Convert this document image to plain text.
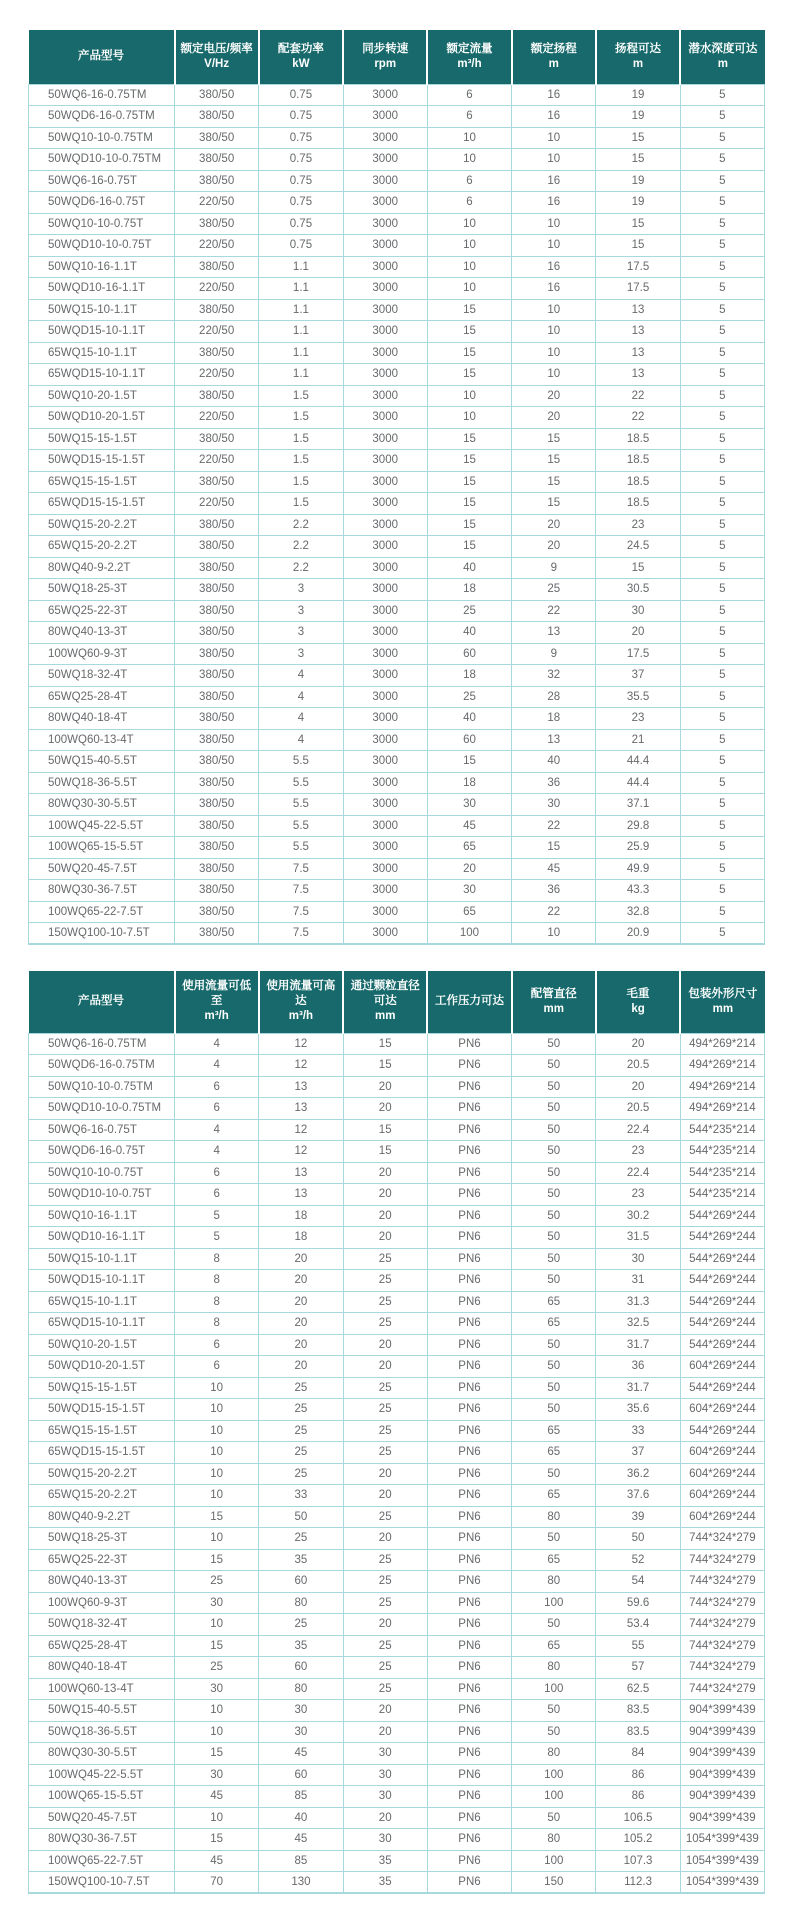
产品型号

额定电压/频率
V/Hz

配套功率
kW

同步转速
rpm

额定流量
m³/h

额定扬程
m

扬程可达
m

潜水深度可达
m

50WQ6-16-0.75TM	380/50	0.75	3000	6	16	19	5
50WQD6-16-0.75TM	380/50	0.75	3000	6	16	19	5
50WQ10-10-0.75TM	380/50	0.75	3000	10	10	15	5
50WQD10-10-0.75TM	380/50	0.75	3000	10	10	15	5
50WQ6-16-0.75T	380/50	0.75	3000	6	16	19	5
50WQD6-16-0.75T	220/50	0.75	3000	6	16	19	5
50WQ10-10-0.75T	380/50	0.75	3000	10	10	15	5
50WQD10-10-0.75T	220/50	0.75	3000	10	10	15	5
50WQ10-16-1.1T	380/50	1.1	3000	10	16	17.5	5
50WQD10-16-1.1T	220/50	1.1	3000	10	16	17.5	5
50WQ15-10-1.1T	380/50	1.1	3000	15	10	13	5
50WQD15-10-1.1T	220/50	1.1	3000	15	10	13	5
65WQ15-10-1.1T	380/50	1.1	3000	15	10	13	5
65WQD15-10-1.1T	220/50	1.1	3000	15	10	13	5
50WQ10-20-1.5T	380/50	1.5	3000	10	20	22	5
50WQD10-20-1.5T	220/50	1.5	3000	10	20	22	5
50WQ15-15-1.5T	380/50	1.5	3000	15	15	18.5	5
50WQD15-15-1.5T	220/50	1.5	3000	15	15	18.5	5
65WQ15-15-1.5T	380/50	1.5	3000	15	15	18.5	5
65WQD15-15-1.5T	220/50	1.5	3000	15	15	18.5	5
50WQ15-20-2.2T	380/50	2.2	3000	15	20	23	5
65WQ15-20-2.2T	380/50	2.2	3000	15	20	24.5	5
80WQ40-9-2.2T	380/50	2.2	3000	40	9	15	5
50WQ18-25-3T	380/50	3	3000	18	25	30.5	5
65WQ25-22-3T	380/50	3	3000	25	22	30	5
80WQ40-13-3T	380/50	3	3000	40	13	20	5
100WQ60-9-3T	380/50	3	3000	60	9	17.5	5
50WQ18-32-4T	380/50	4	3000	18	32	37	5
65WQ25-28-4T	380/50	4	3000	25	28	35.5	5
80WQ40-18-4T	380/50	4	3000	40	18	23	5
100WQ60-13-4T	380/50	4	3000	60	13	21	5
50WQ15-40-5.5T	380/50	5.5	3000	15	40	44.4	5
50WQ18-36-5.5T	380/50	5.5	3000	18	36	44.4	5
80WQ30-30-5.5T	380/50	5.5	3000	30	30	37.1	5
100WQ45-22-5.5T	380/50	5.5	3000	45	22	29.8	5
100WQ65-15-5.5T	380/50	5.5	3000	65	15	25.9	5
50WQ20-45-7.5T	380/50	7.5	3000	20	45	49.9	5
80WQ30-36-7.5T	380/50	7.5	3000	30	36	43.3	5
100WQ65-22-7.5T	380/50	7.5	3000	65	22	32.8	5
150WQ100-10-7.5T	380/50	7.5	3000	100	10	20.9	5
产品型号

使用流量可低至
m³/h

使用流量可高达
m³/h

通过颗粒直径可达
mm

工作压力可达

配管直径
mm

毛重
kg

包装外形尺寸
mm

50WQ6-16-0.75TM	4	12	15	PN6	50	20	494*269*214
50WQD6-16-0.75TM	4	12	15	PN6	50	20.5	494*269*214
50WQ10-10-0.75TM	6	13	20	PN6	50	20	494*269*214
50WQD10-10-0.75TM	6	13	20	PN6	50	20.5	494*269*214
50WQ6-16-0.75T	4	12	15	PN6	50	22.4	544*235*214
50WQD6-16-0.75T	4	12	15	PN6	50	23	544*235*214
50WQ10-10-0.75T	6	13	20	PN6	50	22.4	544*235*214
50WQD10-10-0.75T	6	13	20	PN6	50	23	544*235*214
50WQ10-16-1.1T	5	18	20	PN6	50	30.2	544*269*244
50WQD10-16-1.1T	5	18	20	PN6	50	31.5	544*269*244
50WQ15-10-1.1T	8	20	25	PN6	50	30	544*269*244
50WQD15-10-1.1T	8	20	25	PN6	50	31	544*269*244
65WQ15-10-1.1T	8	20	25	PN6	65	31.3	544*269*244
65WQD15-10-1.1T	8	20	25	PN6	65	32.5	544*269*244
50WQ10-20-1.5T	6	20	20	PN6	50	31.7	544*269*244
50WQD10-20-1.5T	6	20	20	PN6	50	36	604*269*244
50WQ15-15-1.5T	10	25	25	PN6	50	31.7	544*269*244
50WQD15-15-1.5T	10	25	25	PN6	50	35.6	604*269*244
65WQ15-15-1.5T	10	25	25	PN6	65	33	544*269*244
65WQD15-15-1.5T	10	25	25	PN6	65	37	604*269*244
50WQ15-20-2.2T	10	25	20	PN6	50	36.2	604*269*244
65WQ15-20-2.2T	10	33	20	PN6	65	37.6	604*269*244
80WQ40-9-2.2T	15	50	25	PN6	80	39	604*269*244
50WQ18-25-3T	10	25	20	PN6	50	50	744*324*279
65WQ25-22-3T	15	35	25	PN6	65	52	744*324*279
80WQ40-13-3T	25	60	25	PN6	80	54	744*324*279
100WQ60-9-3T	30	80	25	PN6	100	59.6	744*324*279
50WQ18-32-4T	10	25	20	PN6	50	53.4	744*324*279
65WQ25-28-4T	15	35	25	PN6	65	55	744*324*279
80WQ40-18-4T	25	60	25	PN6	80	57	744*324*279
100WQ60-13-4T	30	80	25	PN6	100	62.5	744*324*279
50WQ15-40-5.5T	10	30	20	PN6	50	83.5	904*399*439
50WQ18-36-5.5T	10	30	20	PN6	50	83.5	904*399*439
80WQ30-30-5.5T	15	45	30	PN6	80	84	904*399*439
100WQ45-22-5.5T	30	60	30	PN6	100	86	904*399*439
100WQ65-15-5.5T	45	85	30	PN6	100	86	904*399*439
50WQ20-45-7.5T	10	40	20	PN6	50	106.5	904*399*439
80WQ30-36-7.5T	15	45	30	PN6	80	105.2	1054*399*439
100WQ65-22-7.5T	45	85	35	PN6	100	107.3	1054*399*439
150WQ100-10-7.5T	70	130	35	PN6	150	112.3	1054*399*439
